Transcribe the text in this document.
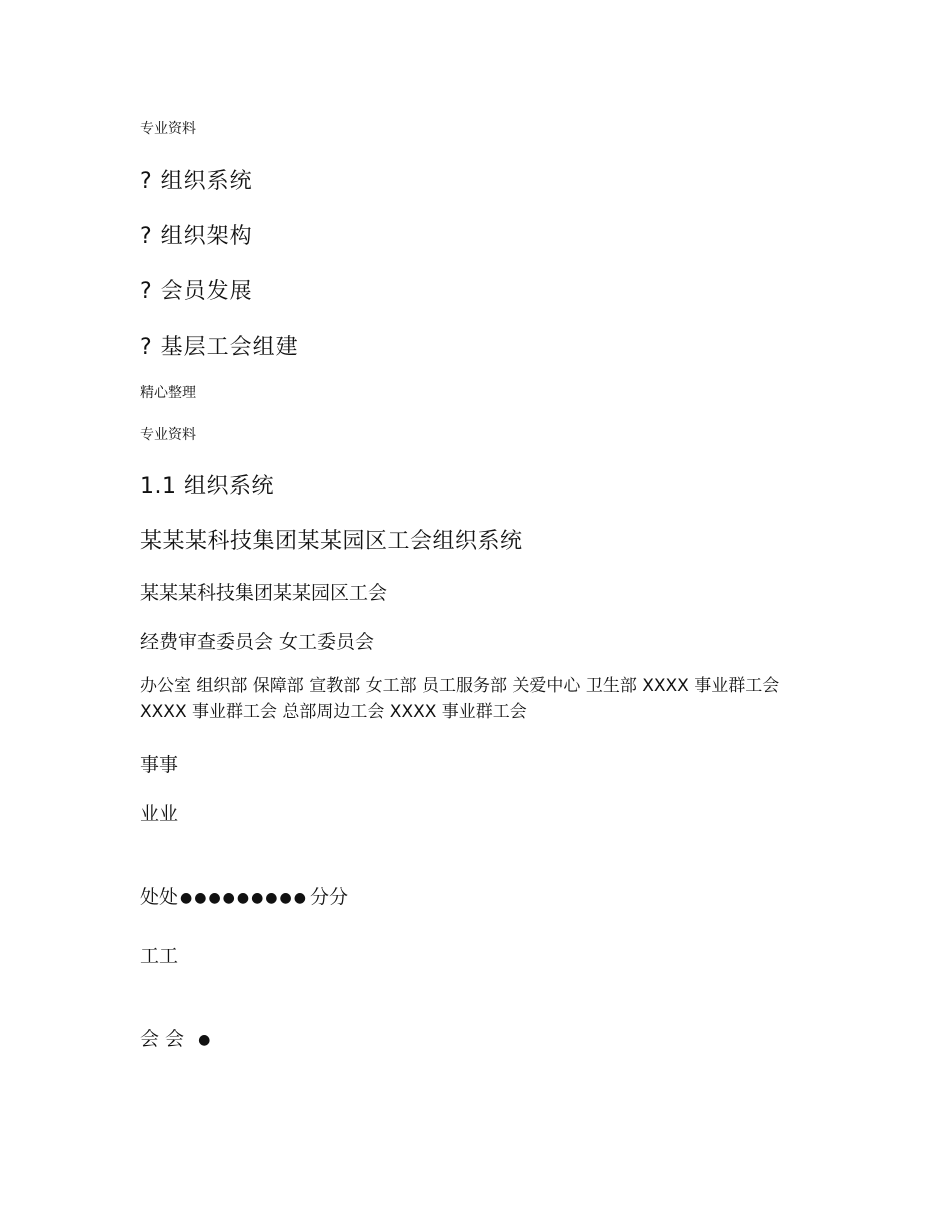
专业资料
? 组织系统
? 组织架构
? 会员发展
? 基层工会组建
精心整理
专业资料
1.1 组织系统
某某某科技集团某某园区工会组织系统
某某某科技集团某某园区工会
经费审查委员会 女工委员会
办公室 组织部 保障部 宣教部 女工部 员工服务部 关爱中心 卫生部 XXXX 事业群工会 XXXX 事业群工会 总部周边工会 XXXX 事业群工会
事事
业业
处处 ●●●●●●●●● 分分
工工
会 会 ●
